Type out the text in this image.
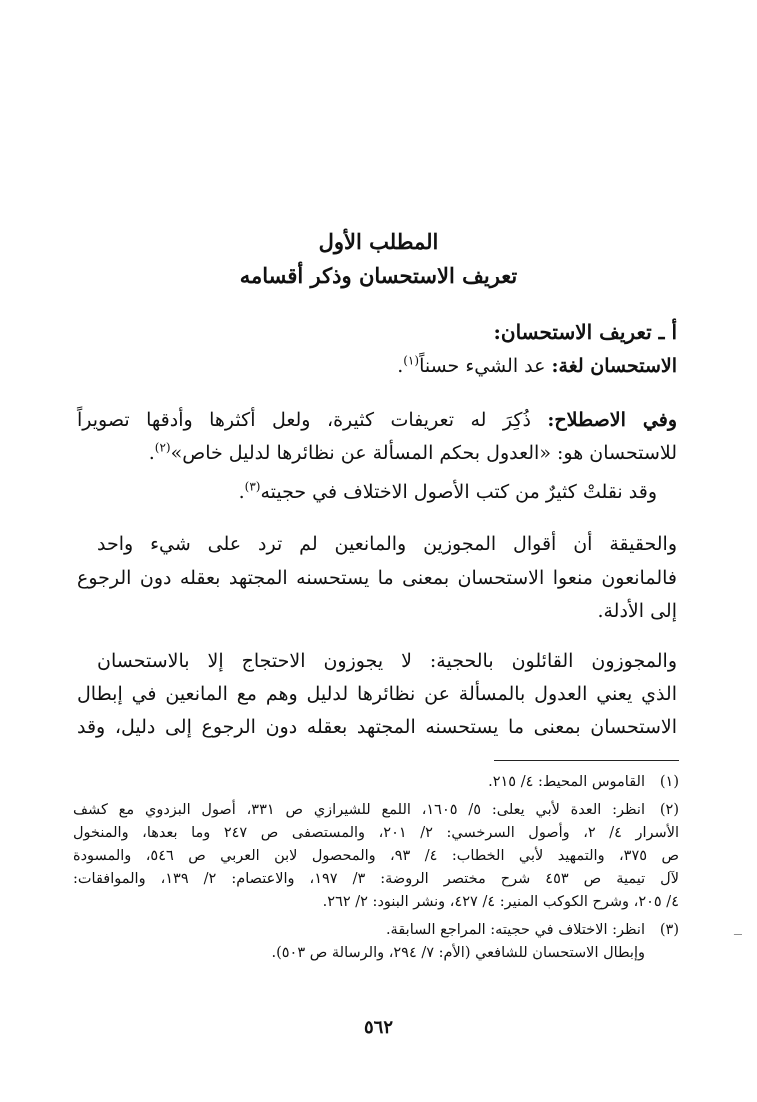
المطلب الأول
تعريف الاستحسان وذكر أقسامه
أ ـ تعريف الاستحسان:
الاستحسان لغة: عد الشيء حسناً$^{(١)}$.
وفي الاصطلاح: ذُكِرَ له تعريفات كثيرة، ولعل أكثرها وأدقها تصويراً
للاستحسان هو: «العدول بحكم المسألة عن نظائرها لدليل خاص»$^{(٢)}$.
وقد نقلتْ كثيرٌ من كتب الأصول الاختلاف في حجيته$^{(٣)}$.
والحقيقة أن أقوال المجوزين والمانعين لم ترد على شيء واحد
فالمانعون منعوا الاستحسان بمعنى ما يستحسنه المجتهد بعقله دون الرجوع
إلى الأدلة.
والمجوزون القائلون بالحجية: لا يجوزون الاحتجاج إلا بالاستحسان
الذي يعني العدول بالمسألة عن نظائرها لدليل وهم مع المانعين في إبطال
الاستحسان بمعنى ما يستحسنه المجتهد بعقله دون الرجوع إلى دليل، وقد
(١)
القاموس المحيط: ٤/ ٢١٥.
(٢)
انظر: العدة لأبي يعلى: ٥/ ١٦٠٥، اللمع للشيرازي ص ٣٣١، أصول البزدوي مع كشف
الأسرار ٤/ ٢، وأصول السرخسي: ٢/ ٢٠١، والمستصفى ص ٢٤٧ وما بعدها، والمنخول
ص ٣٧٥، والتمهيد لأبي الخطاب: ٤/ ٩٣، والمحصول لابن العربي ص ٥٤٦، والمسودة
لآل تيمية ص ٤٥٣ شرح مختصر الروضة: ٣/ ١٩٧، والاعتصام: ٢/ ١٣٩، والموافقات:
٤/ ٢٠٥، وشرح الكوكب المنير: ٤/ ٤٢٧، ونشر البنود: ٢/ ٢٦٢.
(٣)
انظر: الاختلاف في حجيته: المراجع السابقة.
وإبطال الاستحسان للشافعي (الأم: ٧/ ٢٩٤، والرسالة ص ٥٠٣).
٥٦٢
ـــ
